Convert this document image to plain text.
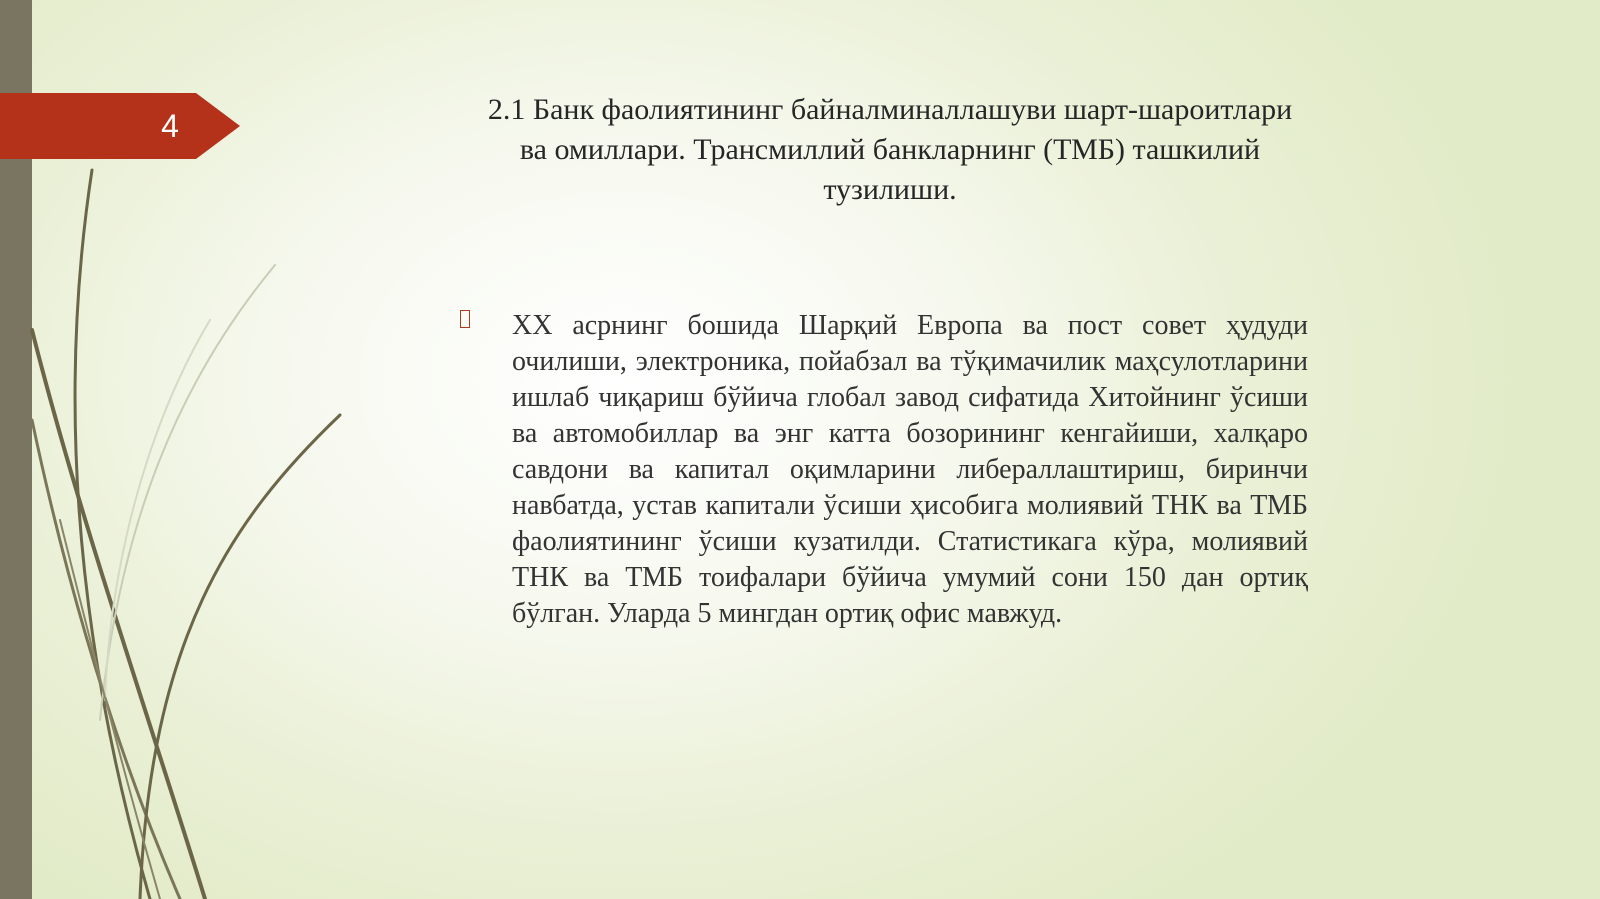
4	2.1 Банк фаолиятининг байналминаллашуви шарт-шароитлари ва омиллари. Трансмиллий банкларнинг (ТМБ) ташкилий тузилиши.
XX асрнинг бошида Шарқий Европа ва пост совет ҳудуди очилиши, электроника, пойабзал ва тўқимачилик маҳсулотларини ишлаб чиқариш бўйича глобал завод сифатида Хитойнинг ўсиши ва автомобиллар ва энг катта бозорининг кенгайиши, халқаро савдони ва капитал оқимларини либераллаштириш, биринчи навбатда, устав капитали ўсиши ҳисобига молиявий ТНК ва ТМБ фаолиятининг ўсиши кузатилди. Статистикага кўра, молиявий ТНК ва ТМБ тоифалари бўйича умумий сони 150 дан ортиқ бўлган. Уларда 5 мингдан ортиқ офис мавжуд.
